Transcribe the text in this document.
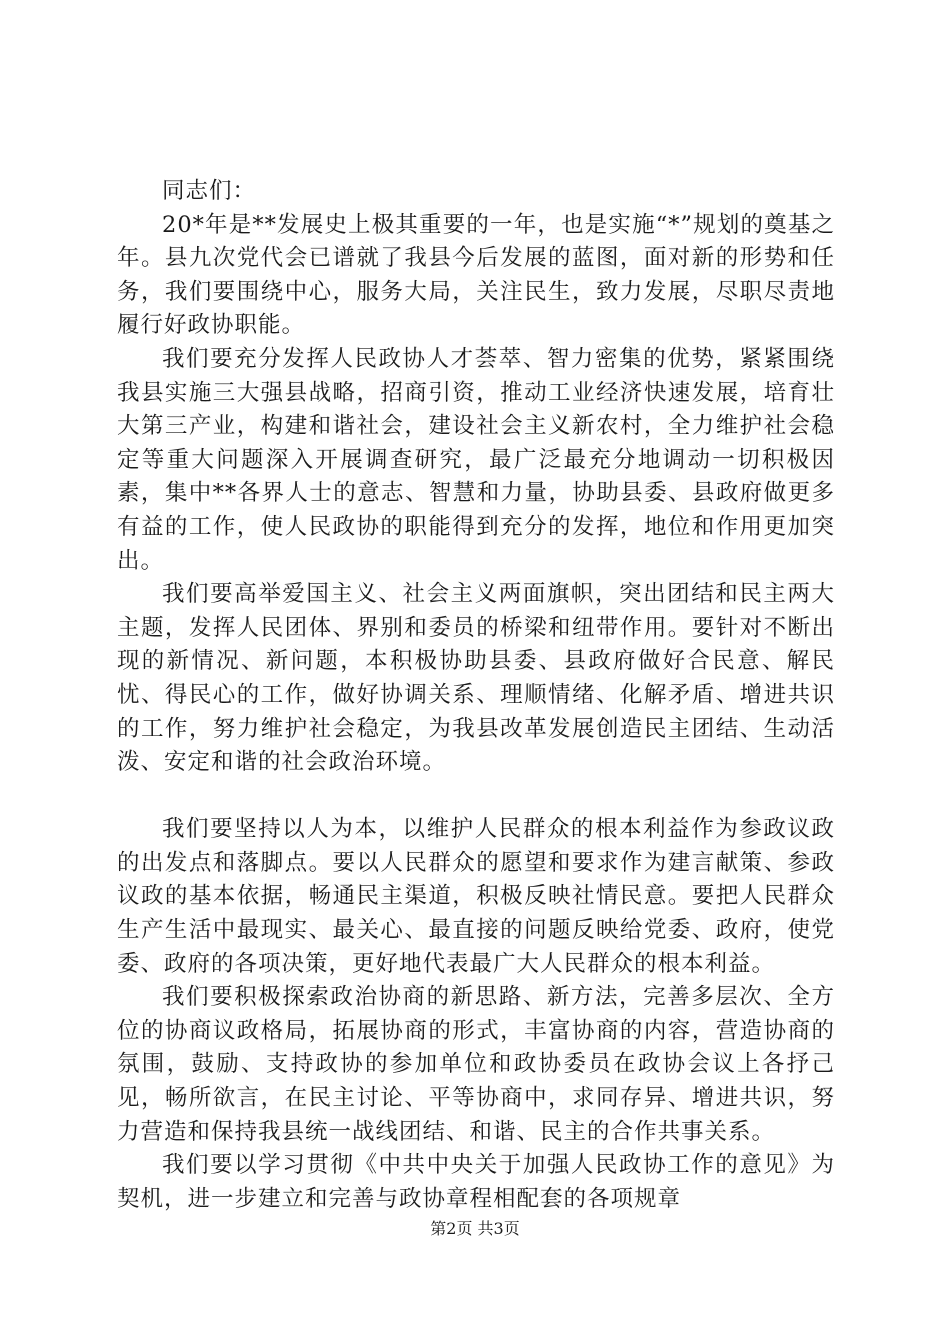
同志们：

20*年是**发展史上极其重要的一年，也是实施“*”规划的奠基之年。县九次党代会已谱就了我县今后发展的蓝图，面对新的形势和任务，我们要围绕中心，服务大局，关注民生，致力发展，尽职尽责地履行好政协职能。

我们要充分发挥人民政协人才荟萃、智力密集的优势，紧紧围绕我县实施三大强县战略，招商引资，推动工业经济快速发展，培育壮大第三产业，构建和谐社会，建设社会主义新农村，全力维护社会稳定等重大问题深入开展调查研究，最广泛最充分地调动一切积极因素，集中**各界人士的意志、智慧和力量，协助县委、县政府做更多有益的工作，使人民政协的职能得到充分的发挥，地位和作用更加突出。

我们要高举爱国主义、社会主义两面旗帜，突出团结和民主两大主题，发挥人民团体、界别和委员的桥梁和纽带作用。要针对不断出现的新情况、新问题，本积极协助县委、县政府做好合民意、解民忧、得民心的工作，做好协调关系、理顺情绪、化解矛盾、增进共识的工作，努力维护社会稳定，为我县改革发展创造民主团结、生动活泼、安定和谐的社会政治环境。

我们要坚持以人为本，以维护人民群众的根本利益作为参政议政的出发点和落脚点。要以人民群众的愿望和要求作为建言献策、参政议政的基本依据，畅通民主渠道，积极反映社情民意。要把人民群众生产生活中最现实、最关心、最直接的问题反映给党委、政府，使党委、政府的各项决策，更好地代表最广大人民群众的根本利益。

我们要积极探索政治协商的新思路、新方法，完善多层次、全方位的协商议政格局，拓展协商的形式，丰富协商的内容，营造协商的氛围，鼓励、支持政协的参加单位和政协委员在政协会议上各抒己见，畅所欲言，在民主讨论、平等协商中，求同存异、增进共识，努力营造和保持我县统一战线团结、和谐、民主的合作共事关系。

我们要以学习贯彻《中共中央关于加强人民政协工作的意见》为契机，进一步建立和完善与政协章程相配套的各项规章

第2页 共3页
